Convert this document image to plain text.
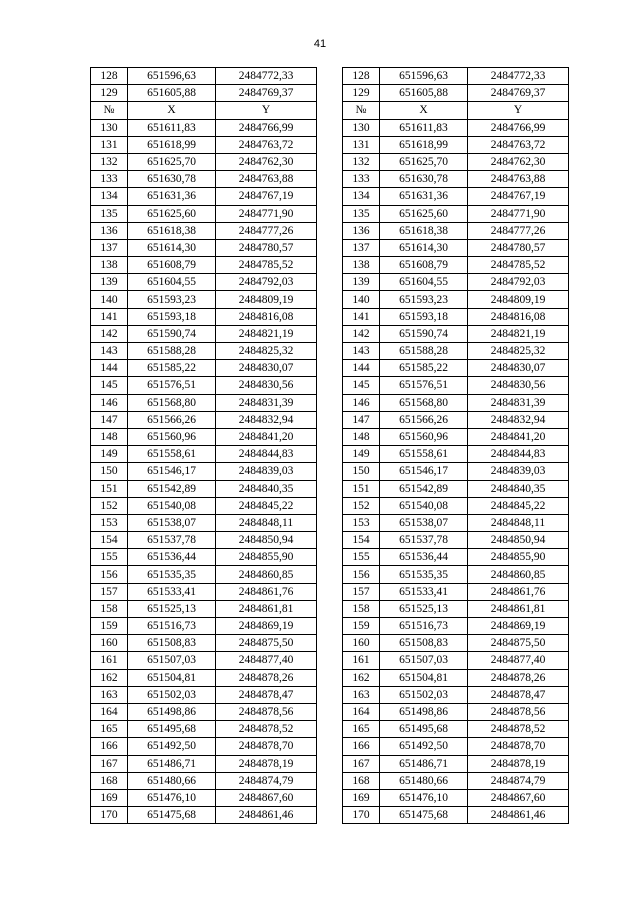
41
128	651596,63	2484772,33		128	651596,63	2484772,33
129	651605,88	2484769,37		129	651605,88	2484769,37
№	X	Y		№	X	Y
130	651611,83	2484766,99		130	651611,83	2484766,99
131	651618,99	2484763,72		131	651618,99	2484763,72
132	651625,70	2484762,30		132	651625,70	2484762,30
133	651630,78	2484763,88		133	651630,78	2484763,88
134	651631,36	2484767,19		134	651631,36	2484767,19
135	651625,60	2484771,90		135	651625,60	2484771,90
136	651618,38	2484777,26		136	651618,38	2484777,26
137	651614,30	2484780,57		137	651614,30	2484780,57
138	651608,79	2484785,52		138	651608,79	2484785,52
139	651604,55	2484792,03		139	651604,55	2484792,03
140	651593,23	2484809,19		140	651593,23	2484809,19
141	651593,18	2484816,08		141	651593,18	2484816,08
142	651590,74	2484821,19		142	651590,74	2484821,19
143	651588,28	2484825,32		143	651588,28	2484825,32
144	651585,22	2484830,07		144	651585,22	2484830,07
145	651576,51	2484830,56		145	651576,51	2484830,56
146	651568,80	2484831,39		146	651568,80	2484831,39
147	651566,26	2484832,94		147	651566,26	2484832,94
148	651560,96	2484841,20		148	651560,96	2484841,20
149	651558,61	2484844,83		149	651558,61	2484844,83
150	651546,17	2484839,03		150	651546,17	2484839,03
151	651542,89	2484840,35		151	651542,89	2484840,35
152	651540,08	2484845,22		152	651540,08	2484845,22
153	651538,07	2484848,11		153	651538,07	2484848,11
154	651537,78	2484850,94		154	651537,78	2484850,94
155	651536,44	2484855,90		155	651536,44	2484855,90
156	651535,35	2484860,85		156	651535,35	2484860,85
157	651533,41	2484861,76		157	651533,41	2484861,76
158	651525,13	2484861,81		158	651525,13	2484861,81
159	651516,73	2484869,19		159	651516,73	2484869,19
160	651508,83	2484875,50		160	651508,83	2484875,50
161	651507,03	2484877,40		161	651507,03	2484877,40
162	651504,81	2484878,26		162	651504,81	2484878,26
163	651502,03	2484878,47		163	651502,03	2484878,47
164	651498,86	2484878,56		164	651498,86	2484878,56
165	651495,68	2484878,52		165	651495,68	2484878,52
166	651492,50	2484878,70		166	651492,50	2484878,70
167	651486,71	2484878,19		167	651486,71	2484878,19
168	651480,66	2484874,79		168	651480,66	2484874,79
169	651476,10	2484867,60		169	651476,10	2484867,60
170	651475,68	2484861,46		170	651475,68	2484861,46
